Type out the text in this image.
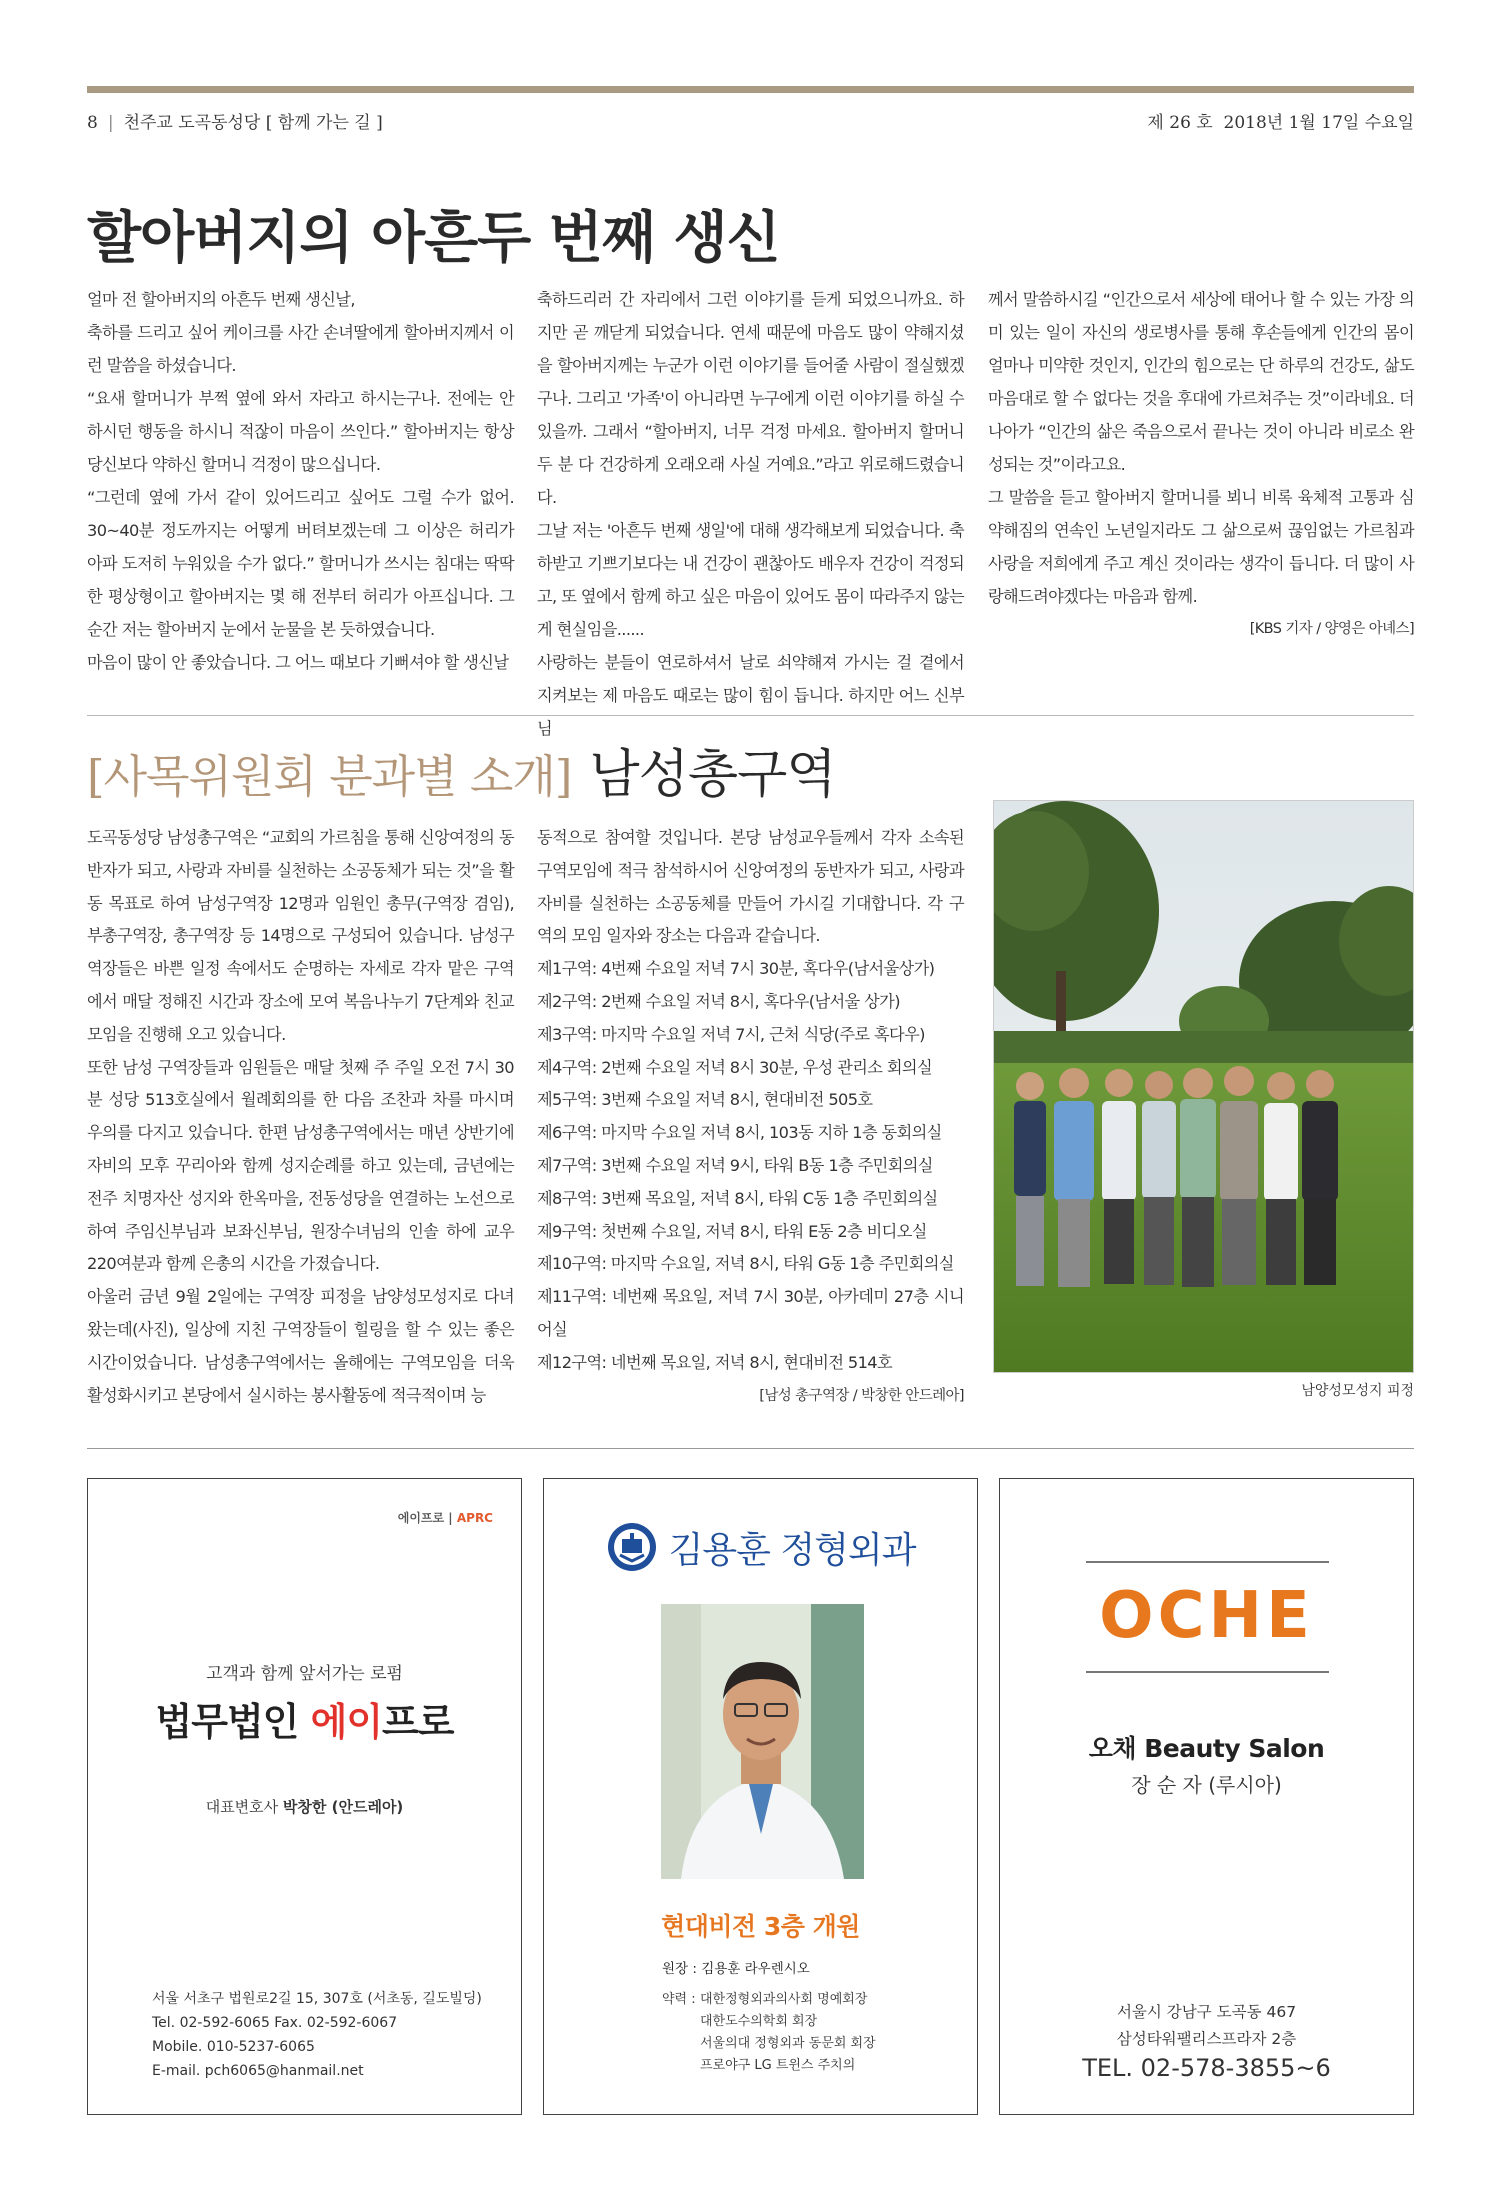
8 | 천주교 도곡동성당 [ 함께 가는 길 ]	제 26 호 2018년 1월 17일 수요일
할아버지의 아흔두 번째 생신

얼마 전 할아버지의 아흔두 번째 생신날,

축하를 드리고 싶어 케이크를 사간 손녀딸에게 할아버지께서 이런 말씀을 하셨습니다.

“요새 할머니가 부쩍 옆에 와서 자라고 하시는구나. 전에는 안 하시던 행동을 하시니 적잖이 마음이 쓰인다.” 할아버지는 항상 당신보다 약하신 할머니 걱정이 많으십니다.

“그런데 옆에 가서 같이 있어드리고 싶어도 그럴 수가 없어. 30~40분 정도까지는 어떻게 버텨보겠는데 그 이상은 허리가 아파 도저히 누워있을 수가 없다.” 할머니가 쓰시는 침대는 딱딱한 평상형이고 할아버지는 몇 해 전부터 허리가 아프십니다. 그 순간 저는 할아버지 눈에서 눈물을 본 듯하였습니다.

마음이 많이 안 좋았습니다. 그 어느 때보다 기뻐셔야 할 생신날

축하드리러 간 자리에서 그런 이야기를 듣게 되었으니까요. 하지만 곧 깨닫게 되었습니다. 연세 때문에 마음도 많이 약해지셨을 할아버지께는 누군가 이런 이야기를 들어줄 사람이 절실했겠구나. 그리고 '가족'이 아니라면 누구에게 이런 이야기를 하실 수 있을까. 그래서 “할아버지, 너무 걱정 마세요. 할아버지 할머니 두 분 다 건강하게 오래오래 사실 거예요.”라고 위로해드렸습니다.

그날 저는 '아흔두 번째 생일'에 대해 생각해보게 되었습니다. 축하받고 기쁘기보다는 내 건강이 괜찮아도 배우자 건강이 걱정되고, 또 옆에서 함께 하고 싶은 마음이 있어도 몸이 따라주지 않는 게 현실임을......

사랑하는 분들이 연로하셔서 날로 쇠약해져 가시는 걸 곁에서 지켜보는 제 마음도 때로는 많이 힘이 듭니다. 하지만 어느 신부님

께서 말씀하시길 “인간으로서 세상에 태어나 할 수 있는 가장 의미 있는 일이 자신의 생로병사를 통해 후손들에게 인간의 몸이 얼마나 미약한 것인지, 인간의 힘으로는 단 하루의 건강도, 삶도 마음대로 할 수 없다는 것을 후대에 가르쳐주는 것”이라네요. 더 나아가 “인간의 삶은 죽음으로서 끝나는 것이 아니라 비로소 완성되는 것”이라고요.

그 말씀을 듣고 할아버지 할머니를 뵈니 비록 육체적 고통과 심약해짐의 연속인 노년일지라도 그 삶으로써 끊임없는 가르침과 사랑을 저희에게 주고 계신 것이라는 생각이 듭니다. 더 많이 사랑해드려야겠다는 마음과 함께.

[KBS 기자 / 양영은 아녜스]

[사목위원회 분과별 소개] 남성총구역

도곡동성당 남성총구역은 “교회의 가르침을 통해 신앙여정의 동반자가 되고, 사랑과 자비를 실천하는 소공동체가 되는 것”을 활동 목표로 하여 남성구역장 12명과 임원인 총무(구역장 겸임), 부총구역장, 총구역장 등 14명으로 구성되어 있습니다. 남성구역장들은 바쁜 일정 속에서도 순명하는 자세로 각자 맡은 구역에서 매달 정해진 시간과 장소에 모여 복음나누기 7단계와 친교 모임을 진행해 오고 있습니다.

또한 남성 구역장들과 임원들은 매달 첫째 주 주일 오전 7시 30분 성당 513호실에서 월례회의를 한 다음 조찬과 차를 마시며 우의를 다지고 있습니다. 한편 남성총구역에서는 매년 상반기에 자비의 모후 꾸리아와 함께 성지순례를 하고 있는데, 금년에는 전주 치명자산 성지와 한옥마을, 전동성당을 연결하는 노선으로 하여 주임신부님과 보좌신부님, 원장수녀님의 인솔 하에 교우 220여분과 함께 은총의 시간을 가졌습니다.

아울러 금년 9월 2일에는 구역장 피정을 남양성모성지로 다녀왔는데(사진), 일상에 지친 구역장들이 힐링을 할 수 있는 좋은 시간이었습니다. 남성총구역에서는 올해에는 구역모임을 더욱 활성화시키고 본당에서 실시하는 봉사활동에 적극적이며 능

동적으로 참여할 것입니다. 본당 남성교우들께서 각자 소속된 구역모임에 적극 참석하시어 신앙여정의 동반자가 되고, 사랑과 자비를 실천하는 소공동체를 만들어 가시길 기대합니다. 각 구역의 모임 일자와 장소는 다음과 같습니다.

제1구역: 4번째 수요일 저녁 7시 30분, 혹다우(남서울상가)

제2구역: 2번째 수요일 저녁 8시, 혹다우(남서울 상가)

제3구역: 마지막 수요일 저녁 7시, 근처 식당(주로 혹다우)

제4구역: 2번째 수요일 저녁 8시 30분, 우성 관리소 회의실

제5구역: 3번째 수요일 저녁 8시, 현대비전 505호

제6구역: 마지막 수요일 저녁 8시, 103동 지하 1층 동회의실

제7구역: 3번째 수요일 저녁 9시, 타워 B동 1층 주민회의실

제8구역: 3번째 목요일, 저녁 8시, 타워 C동 1층 주민회의실

제9구역: 첫번째 수요일, 저녁 8시, 타워 E동 2층 비디오실

제10구역: 마지막 수요일, 저녁 8시, 타워 G동 1층 주민회의실

제11구역: 네번째 목요일, 저녁 7시 30분, 아카데미 27층 시니어실

제12구역: 네번째 목요일, 저녁 8시, 현대비전 514호

[남성 총구역장 / 박창한 안드레아]	남양성모성지 피정
에이프로 | APRC
고객과 함께 앞서가는 로펌
법무법인 에이프로
대표변호사 박창한 (안드레아)
서울 서초구 법원로2길 15, 307호 (서초동, 길도빌딩)
Tel. 02-592-6065 Fax. 02-592-6067
Mobile. 010-5237-6065
E-mail. pch6065@hanmail.net
김용훈 정형외과
현대비전 3층 개원
원장 : 김용훈 라우렌시오
약력 : 대한정형외과의사회 명예회장
대한도수의학회 회장
서울의대 정형외과 동문회 회장
프로야구 LG 트윈스 주치의
OCHE
오채 Beauty Salon
장 순 자 (루시아)
서울시 강남구 도곡동 467
삼성타워팰리스프라자 2층
TEL. 02-578-3855~6
